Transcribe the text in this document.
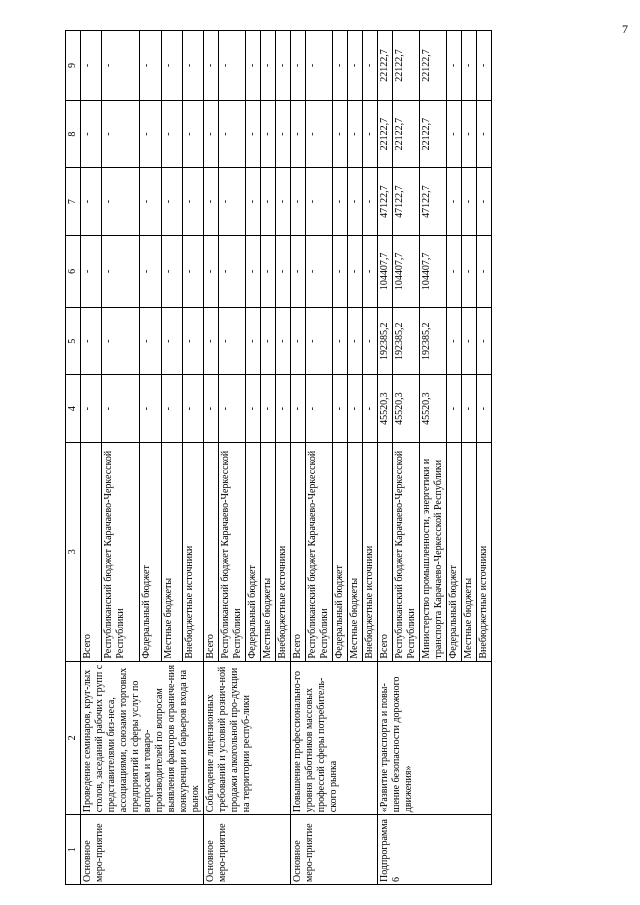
7
1	2	3	4	5	6	7	8	9
Основное меро-приятие	Проведение семинаров, круг-лых столов, заседаний рабочих групп с представителями биз-неса, ассоциациями, союзами торговых предприятий и сферы услуг по вопросам и товаро-производителей по вопросам выявления факторов ограниче-ния конкуренции и барьеров входа на рынок	Всего	-	-	-	-	-	-
		Республиканский бюджет Карачаево-Черкесской Республики	-	-	-	-	-	-
		Федеральный бюджет	-	-	-	-	-	-
		Местные бюджеты	-	-	-	-	-	-
		Внебюджетные источники	-	-	-	-	-	-
Основное меро-приятие	Соблюдение лицензионных требований и условий рознич-ной продажи алкогольной про-дукции на территории респуб-лики	Всего	-	-	-	-	-	-
		Республиканский бюджет Карачаево-Черкесской Республики	-	-	-	-	-	-
		Федеральный бюджет	-	-	-	-	-	-
		Местные бюджеты	-	-	-	-	-	-
		Внебюджетные источники	-	-	-	-	-	-
Основное меро-приятие	Повышение профессионально-го уровня работников массовых профессий сферы потребитель-ского рынка	Всего	-	-	-	-	-	-
		Республиканский бюджет Карачаево-Черкесской Республики	-	-	-	-	-	-
		Федеральный бюджет	-	-	-	-	-	-
		Местные бюджеты	-	-	-	-	-	-
		Внебюджетные источники	-	-	-	-	-	-
Подпрограмма 6	«Развитие транспорта и повы-шение безопасности дорожного движения»	Всего	45520,3	192385,2	104407,7	47122,7	22122,7	22122,7
		Республиканский бюджет Карачаево-Черкесской Республики	45520,3	192385,2	104407,7	47122,7	22122,7	22122,7
		Министерство промышленности, энергетики и транспорта Карачаево-Черкесской Республики	45520,3	192385,2	104407,7	47122,7	22122,7	22122,7
		Федеральный бюджет	-	-	-	-	-	-
		Местные бюджеты	-	-	-	-	-	-
		Внебюджетные источники	-	-	-	-	-	-
